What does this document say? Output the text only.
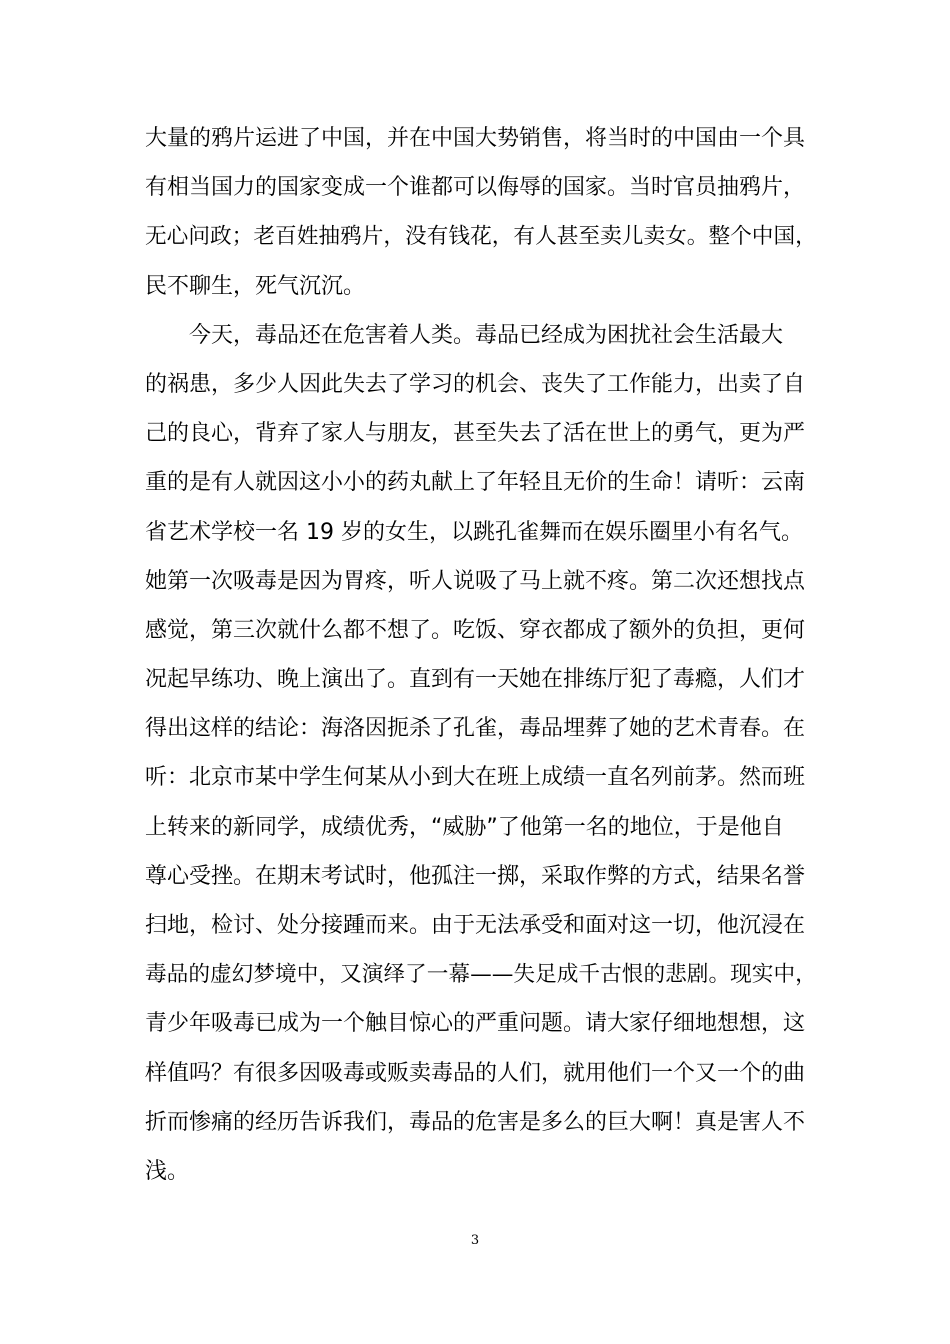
大量的鸦片运进了中国，并在中国大势销售，将当时的中国由一个具
有相当国力的国家变成一个谁都可以侮辱的国家。当时官员抽鸦片，
无心问政；老百姓抽鸦片，没有钱花，有人甚至卖儿卖女。整个中国，
民不聊生，死气沉沉。
　　今天，毒品还在危害着人类。毒品已经成为困扰社会生活最大
的祸患，多少人因此失去了学习的机会、丧失了工作能力，出卖了自
己的良心，背弃了家人与朋友，甚至失去了活在世上的勇气，更为严
重的是有人就因这小小的药丸献上了年轻且无价的生命！请听：云南
省艺术学校一名 19 岁的女生，以跳孔雀舞而在娱乐圈里小有名气。
她第一次吸毒是因为胃疼，听人说吸了马上就不疼。第二次还想找点
感觉，第三次就什么都不想了。吃饭、穿衣都成了额外的负担，更何
况起早练功、晚上演出了。直到有一天她在排练厅犯了毒瘾，人们才
得出这样的结论：海洛因扼杀了孔雀，毒品埋葬了她的艺术青春。在
听：北京市某中学生何某从小到大在班上成绩一直名列前茅。然而班
上转来的新同学，成绩优秀，“威胁”了他第一名的地位，于是他自
尊心受挫。在期末考试时，他孤注一掷，采取作弊的方式，结果名誉
扫地，检讨、处分接踵而来。由于无法承受和面对这一切，他沉浸在
毒品的虚幻梦境中，又演绎了一幕——失足成千古恨的悲剧。现实中，
青少年吸毒已成为一个触目惊心的严重问题。请大家仔细地想想，这
样值吗？有很多因吸毒或贩卖毒品的人们，就用他们一个又一个的曲
折而惨痛的经历告诉我们，毒品的危害是多么的巨大啊！真是害人不
浅。
3
